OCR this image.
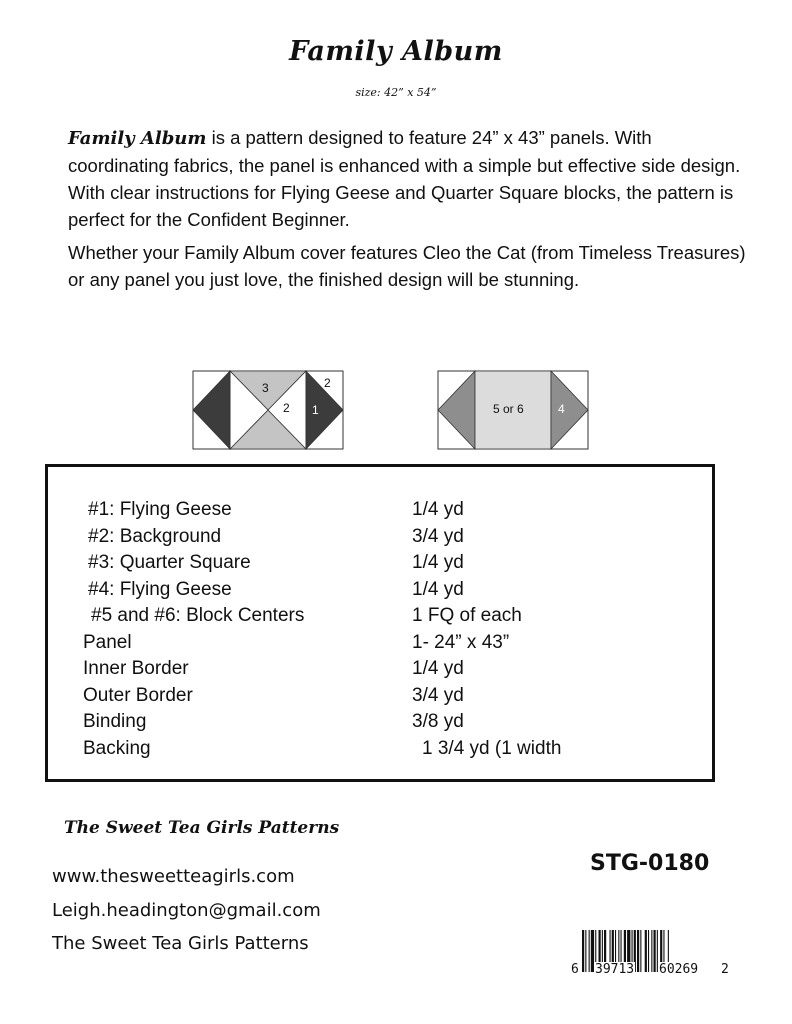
Family Album
size: 42” x 54”

Family Album is a pattern designed to feature 24” x 43” panels. With coordinating fabrics, the panel is enhanced with a simple but effective side design. With clear instructions for Flying Geese and Quarter Square blocks, the pattern is perfect for the Confident Beginner.

Whether your Family Album cover features Cleo the Cat (from Timeless Treasures) or any panel you just love, the finished design will be stunning.

3
2
2
1	5 or 6	4
#1: Flying Geese	1/4 yd
#2: Background	3/4 yd
#3: Quarter Square	1/4 yd
#4: Flying Geese	1/4 yd
#5 and #6: Block Centers	1 FQ of each
Panel	1- 24” x 43”
Inner Border	1/4 yd
Outer Border	3/4 yd
Binding	3/8 yd
Backing	1 3/4 yd (1 width
The Sweet Tea Girls Patterns
www.thesweetteagirls.com
Leigh.headington@gmail.com
The Sweet Tea Girls Patterns
STG-0180
6 39713 60269 2
